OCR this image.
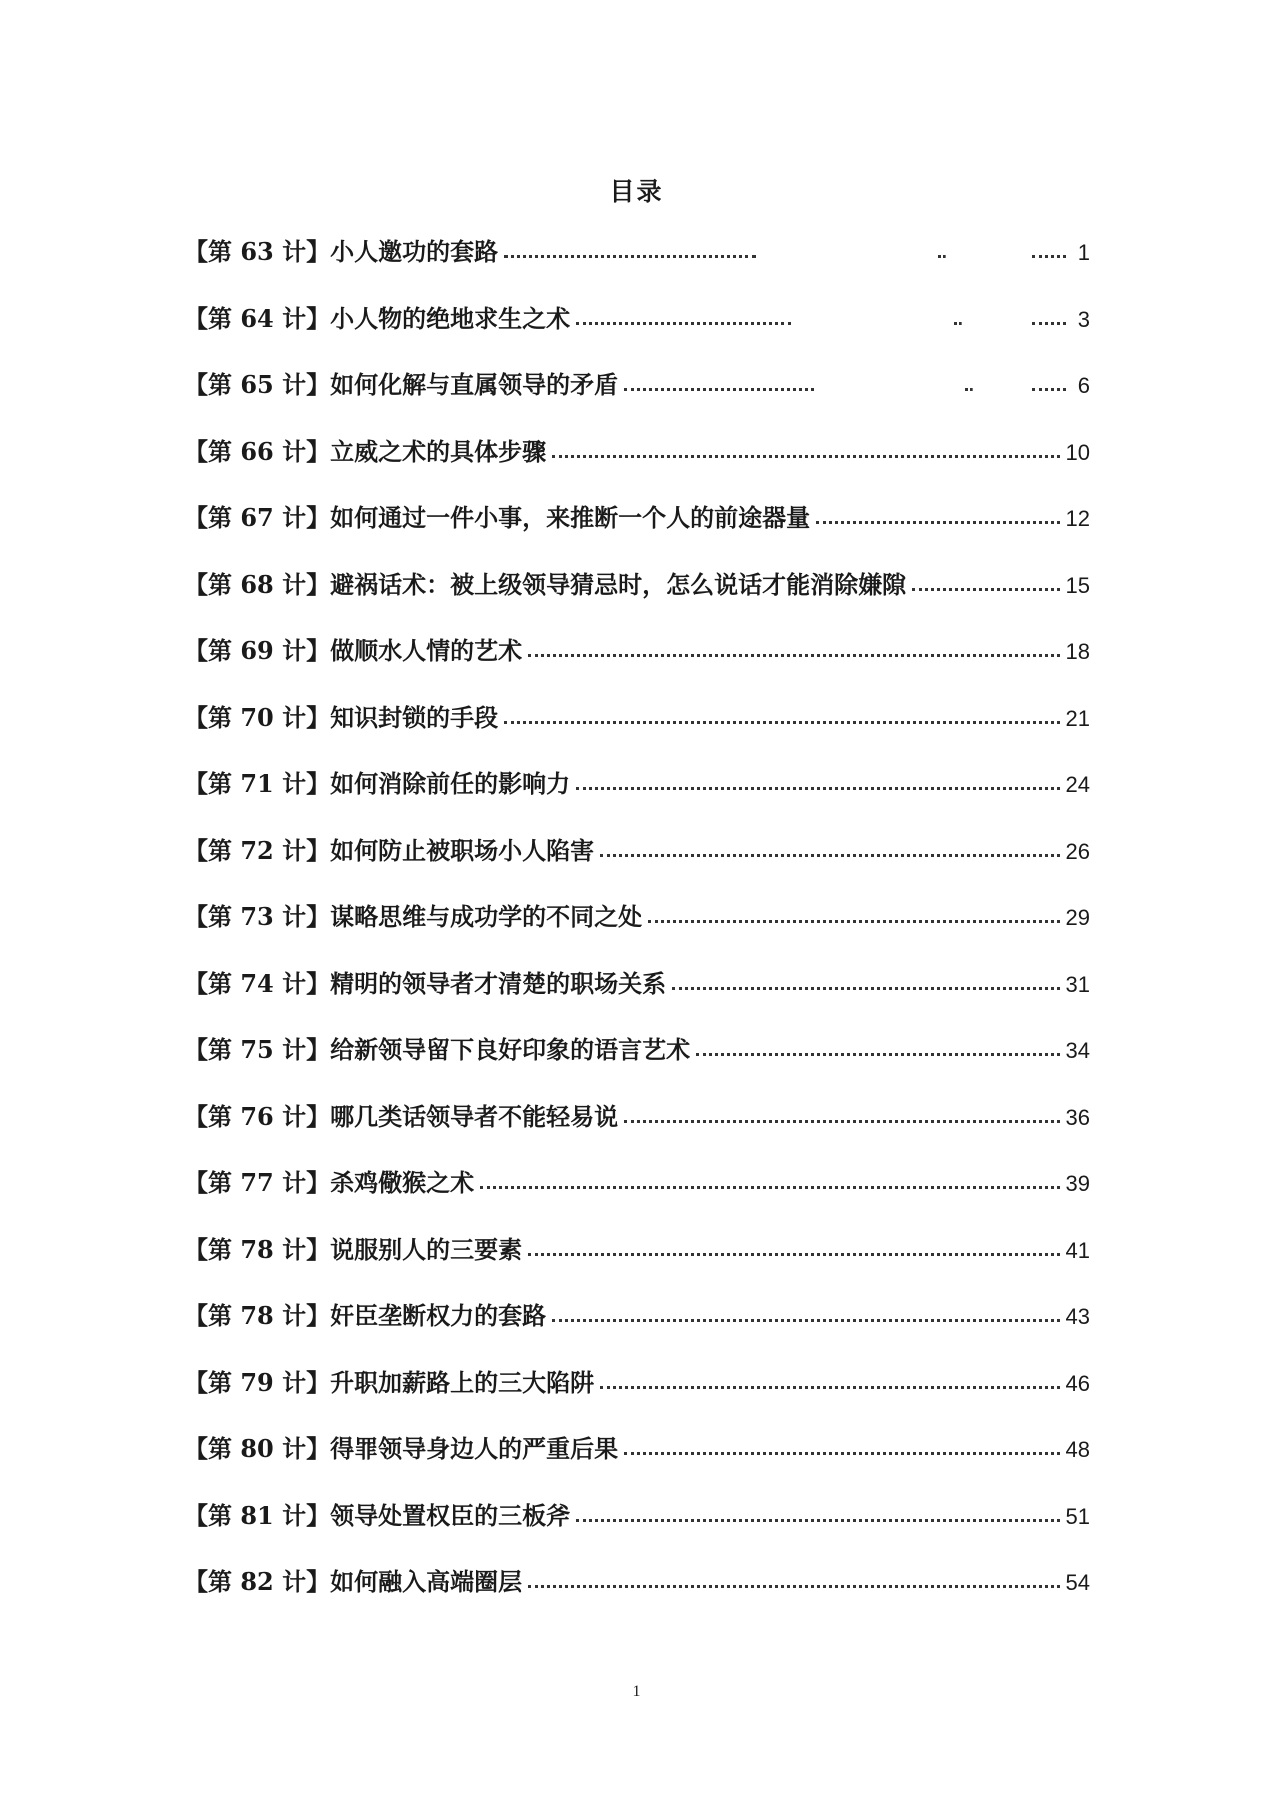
目录
【第 63 计】 小人邀功的套路	1
【第 64 计】 小人物的绝地求生之术	3
【第 65 计】 如何化解与直属领导的矛盾	6
【第 66 计】 立威之术的具体步骤	10
【第 67 计】 如何通过一件小事，来推断一个人的前途器量	12
【第 68 计】 避祸话术：被上级领导猜忌时，怎么说话才能消除嫌隙	15
【第 69 计】 做顺水人情的艺术	18
【第 70 计】 知识封锁的手段	21
【第 71 计】 如何消除前任的影响力	24
【第 72 计】 如何防止被职场小人陷害	26
【第 73 计】 谋略思维与成功学的不同之处	29
【第 74 计】 精明的领导者才清楚的职场关系	31
【第 75 计】 给新领导留下良好印象的语言艺术	34
【第 76 计】 哪几类话领导者不能轻易说	36
【第 77 计】 杀鸡儆猴之术	39
【第 78 计】 说服别人的三要素	41
【第 78 计】 奸臣垄断权力的套路	43
【第 79 计】 升职加薪路上的三大陷阱	46
【第 80 计】 得罪领导身边人的严重后果	48
【第 81 计】 领导处置权臣的三板斧	51
【第 82 计】 如何融入高端圈层	54
1
